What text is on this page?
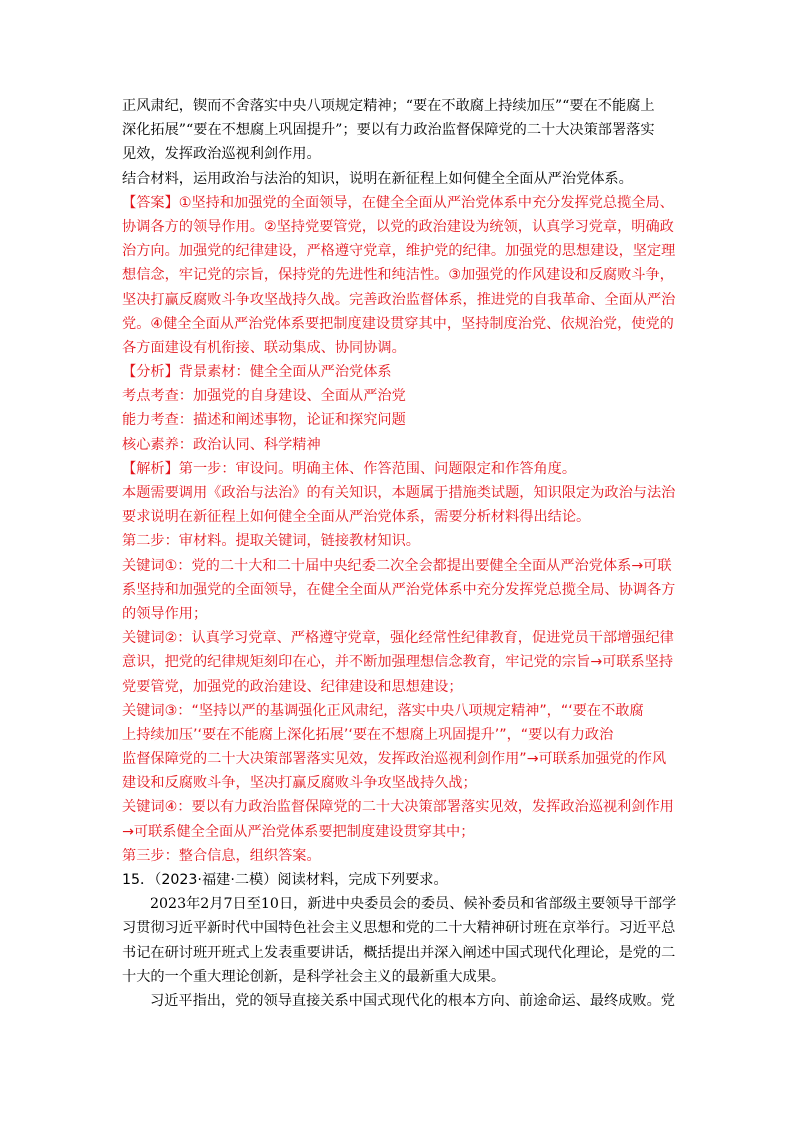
正风肃纪，锲而不舍落实中央八项规定精神；“要在不敢腐上持续加压”“要在不能腐上
深化拓展”“要在不想腐上巩固提升”；要以有力政治监督保障党的二十大决策部署落实
见效，发挥政治巡视利剑作用。
结合材料，运用政治与法治的知识，说明在新征程上如何健全全面从严治党体系。
【答案】①坚持和加强党的全面领导，在健全全面从严治党体系中充分发挥党总揽全局、
协调各方的领导作用。②坚持党要管党，以党的政治建设为统领，认真学习党章，明确政
治方向。加强党的纪律建设，严格遵守党章，维护党的纪律。加强党的思想建设，坚定理
想信念，牢记党的宗旨，保持党的先进性和纯洁性。③加强党的作风建设和反腐败斗争，
坚决打赢反腐败斗争攻坚战持久战。完善政治监督体系，推进党的自我革命、全面从严治
党。④健全全面从严治党体系要把制度建设贯穿其中，坚持制度治党、依规治党，使党的
各方面建设有机衔接、联动集成、协同协调。
【分析】背景素材：健全全面从严治党体系
考点考查：加强党的自身建设、全面从严治党
能力考查：描述和阐述事物，论证和探究问题
核心素养：政治认同、科学精神
【解析】第一步：审设问。明确主体、作答范围、问题限定和作答角度。
本题需要调用《政治与法治》的有关知识，本题属于措施类试题，知识限定为政治与法治
要求说明在新征程上如何健全全面从严治党体系，需要分析材料得出结论。
第二步：审材料。提取关键词，链接教材知识。
关键词①：党的二十大和二十届中央纪委二次全会都提出要健全全面从严治党体系→可联
系坚持和加强党的全面领导，在健全全面从严治党体系中充分发挥党总揽全局、协调各方
的领导作用；
关键词②：认真学习党章、严格遵守党章，强化经常性纪律教育，促进党员干部增强纪律
意识，把党的纪律规矩刻印在心，并不断加强理想信念教育，牢记党的宗旨→可联系坚持
党要管党，加强党的政治建设、纪律建设和思想建设；
关键词③：“坚持以严的基调强化正风肃纪，落实中央八项规定精神”，“‘要在不敢腐
上持续加压’‘要在不能腐上深化拓展’‘要在不想腐上巩固提升’”，“要以有力政治
监督保障党的二十大决策部署落实见效，发挥政治巡视利剑作用”→可联系加强党的作风
建设和反腐败斗争，坚决打赢反腐败斗争攻坚战持久战；
关键词④：要以有力政治监督保障党的二十大决策部署落实见效，发挥政治巡视利剑作用
→可联系健全全面从严治党体系要把制度建设贯穿其中；
第三步：整合信息，组织答案。
15．（2023·福建·二模）阅读材料，完成下列要求。
2023年2月7日至10日，新进中央委员会的委员、候补委员和省部级主要领导干部学
习贯彻习近平新时代中国特色社会主义思想和党的二十大精神研讨班在京举行。习近平总
书记在研讨班开班式上发表重要讲话，概括提出并深入阐述中国式现代化理论，是党的二
十大的一个重大理论创新，是科学社会主义的最新重大成果。
习近平指出，党的领导直接关系中国式现代化的根本方向、前途命运、最终成败。党
